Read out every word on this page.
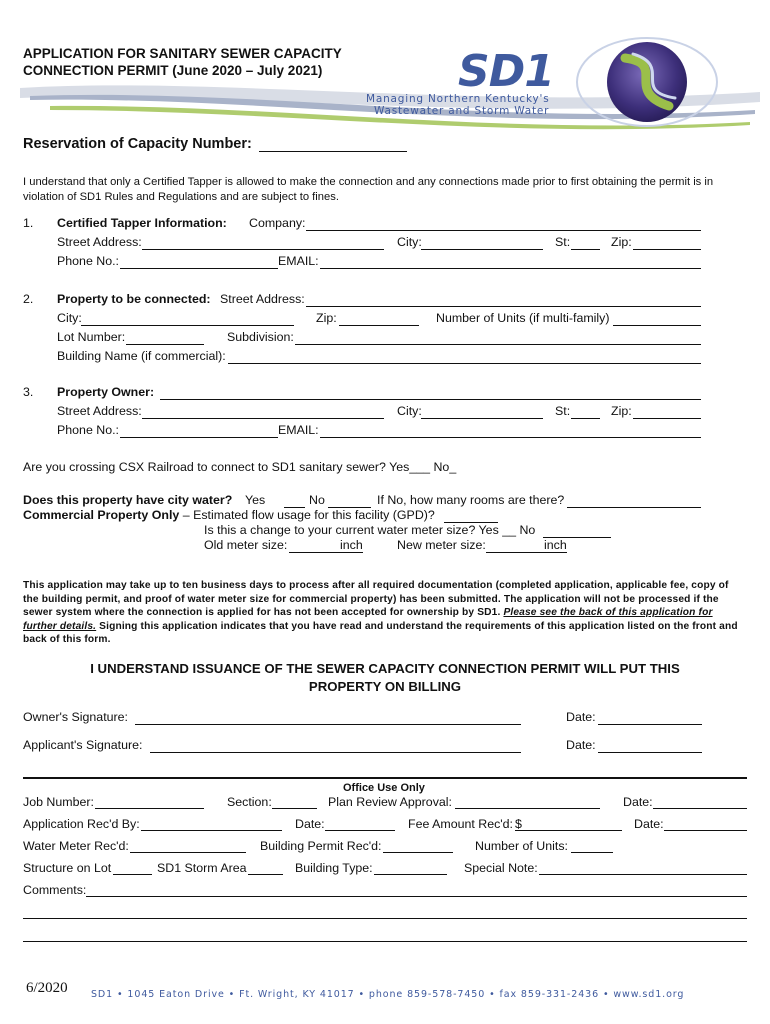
APPLICATION FOR SANITARY SEWER CAPACITY
CONNECTION PERMIT (June 2020 – July 2021)	SD1
Managing Northern Kentucky's
Wastewater and Storm Water
Reservation of Capacity Number:
I understand that only a Certified Tapper is allowed to make the connection and any connections made prior to first obtaining the permit is in violation of SD1 Rules and Regulations and are subject to fines.
1. Certified Tapper Information: Company:
Street Address:	City:	St:	Zip:
Phone No.:	EMAIL:
2. Property to be connected: Street Address:
City:	Zip:	Number of Units (if multi-family)
Lot Number:	Subdivision:
Building Name (if commercial):
3. Property Owner:
Street Address:	City:	St:	Zip:
Phone No.:	EMAIL:
Are you crossing CSX Railroad to connect to SD1 sanitary sewer? Yes___ No_
Does this property have city water? Yes	No	If No, how many rooms are there?
Commercial Property Only – Estimated flow usage for this facility (GPD)?
Is this a change to your current water meter size? Yes __ No
Old meter size:	inch	New meter size:	inch
This application may take up to ten business days to process after all required documentation (completed application, applicable fee, copy of the building permit, and proof of water meter size for commercial property) has been submitted. The application will not be processed if the sewer system where the connection is applied for has not been accepted for ownership by SD1. Please see the back of this application for further details. Signing this application indicates that you have read and understand the requirements of this application listed on the front and back of this form.
I UNDERSTAND ISSUANCE OF THE SEWER CAPACITY CONNECTION PERMIT WILL PUT THIS
PROPERTY ON BILLING
Owner's Signature:	Date:
Applicant's Signature:	Date:
Office Use Only
Job Number:	Section:	Plan Review Approval:	Date:
Application Rec'd By:	Date:	Fee Amount Rec'd: $	Date:
Water Meter Rec'd:	Building Permit Rec'd:	Number of Units:
Structure on Lot	SD1 Storm Area	Building Type:	Special Note:
Comments:
6/2020 SD1 • 1045 Eaton Drive • Ft. Wright, KY 41017 • phone 859-578-7450 • fax 859-331-2436 • www.sd1.org
